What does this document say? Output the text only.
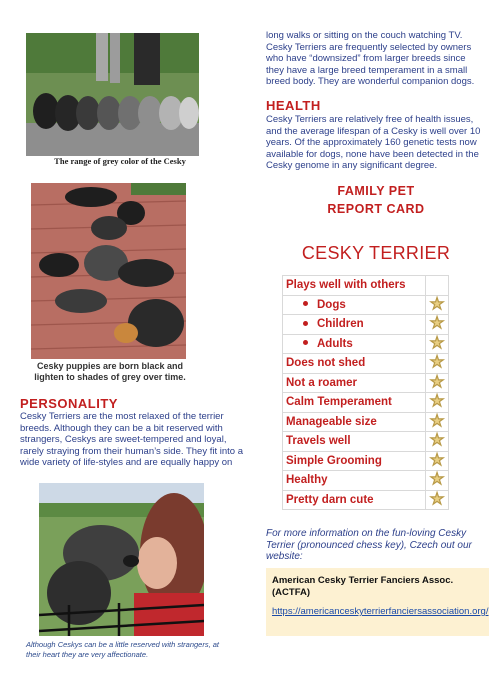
The range of grey color of the Cesky
Cesky puppies are born black and lighten to shades of grey over time.
PERSONALITY
Cesky Terriers are the most relaxed of the terrier breeds. Although they can be a bit reserved with strangers, Ceskys are sweet-tempered and loyal, rarely straying from their human’s side. They fit into a wide variety of life-styles and are equally happy on
Although Ceskys can be a little reserved with strangers, at their heart they are very affectionate.
long walks or sitting on the couch watching TV. Cesky Terriers are frequently selected by owners who have “downsized” from larger breeds since they have a large breed temperament in a small breed body. They are wonderful companion dogs.
HEALTH
Cesky Terriers are relatively free of health issues, and the average lifespan of a Cesky is well over 10 years. Of the approximately 160 genetic tests now available for dogs, none have been detected in the Cesky genome in any significant degree.
FAMILY PET
REPORT CARD
CESKY TERRIER
Plays well with others	
Dogs	★
Children	★
Adults	★
Does not shed	★
Not a roamer	★
Calm Temperament	★
Manageable size	★
Travels well	★
Simple Grooming	★
Healthy	★
Pretty darn cute	★
For more information on the fun-loving Cesky Terrier (pronounced chess key), Czech out our website:
American Cesky Terrier Fanciers Assoc. (ACTFA)
https://americanceskyterrierfanciersassociation.org/
